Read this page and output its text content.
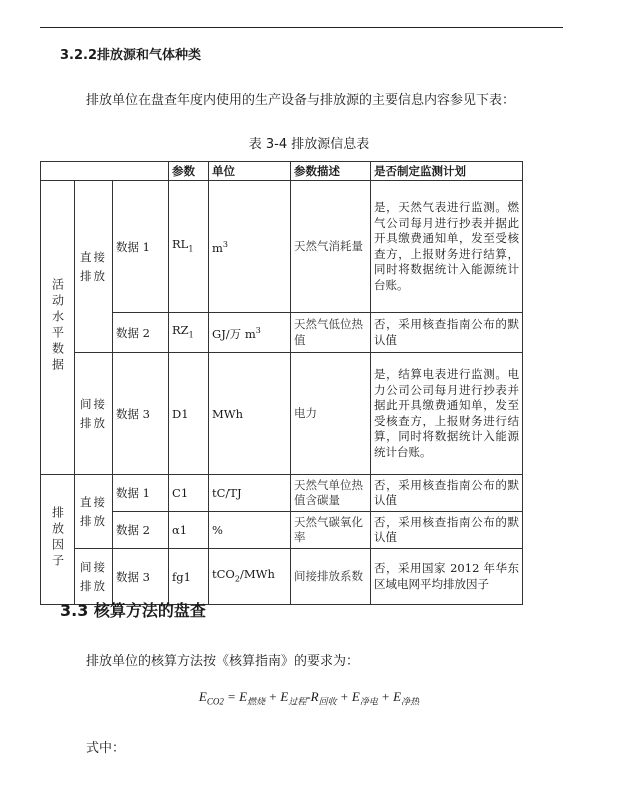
3.2.2排放源和气体种类
排放单位在盘查年度内使用的生产设备与排放源的主要信息内容参见下表：
表 3-4 排放源信息表
			参数	单位	参数描述	是否制定监测计划
活动水平数据	直接排放	数据 1	$RL_1$	$m^3$	天然气消耗量	是，天然气表进行监测。燃气公司每月进行抄表并据此开具缴费通知单，发至受核查方，上报财务进行结算，同时将数据统计入能源统计台账。
		数据 2	$RZ_1$	GJ/万 $m^3$	天然气低位热值	否，采用核查指南公布的默认值
	间接排放	数据 3	D1	MWh	电力	是，结算电表进行监测。电力公司公司每月进行抄表并据此开具缴费通知单，发至受核查方，上报财务进行结算，同时将数据统计入能源统计台账。
排放因子	直接排放	数据 1	C1	tC/TJ	天然气单位热值含碳量	否，采用核查指南公布的默认值
		数据 2	α1	%	天然气碳氧化率	否，采用核查指南公布的默认值
	间接排放	数据 3	fg1	tCO$_2$/MWh	间接排放系数	否，采用国家 2012 年华东区域电网平均排放因子
3.3 核算方法的盘查
排放单位的核算方法按《核算指南》的要求为：
$E_{CO2} = E_{燃烧} + E_{过程}-R_{回收} + E_{净电} + E_{净热}$
式中：
